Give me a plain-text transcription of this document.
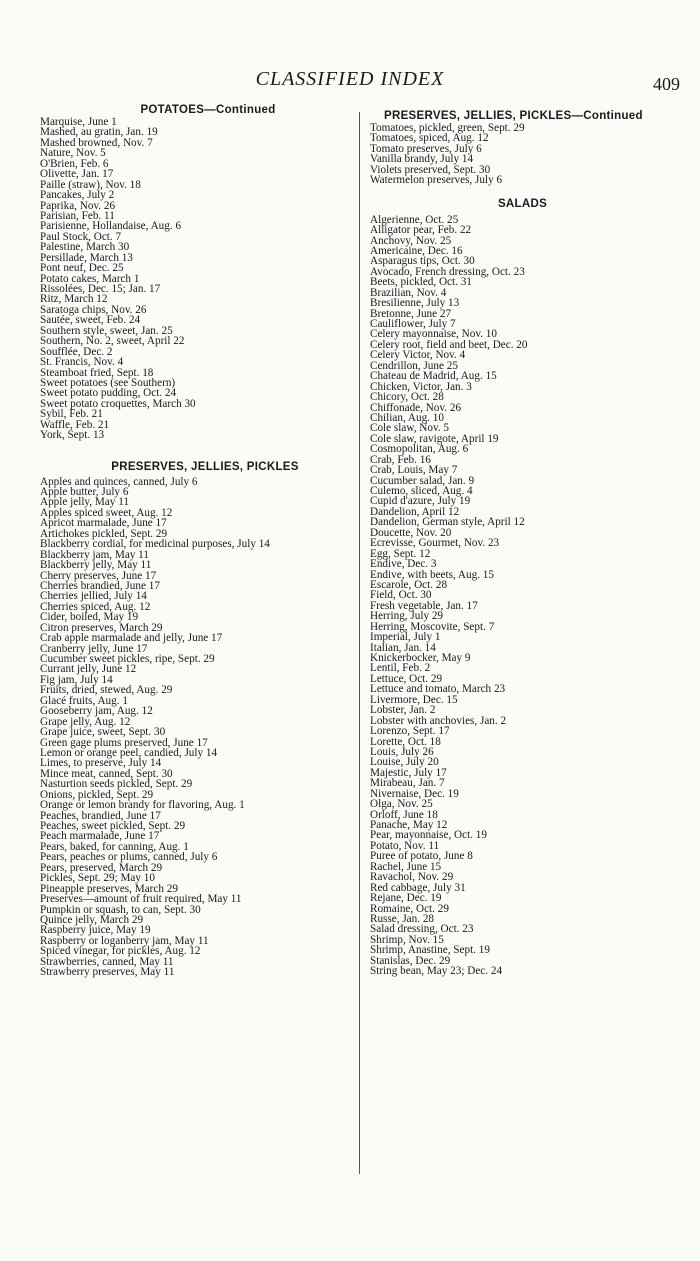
CLASSIFIED INDEX	409
POTATOES—Continued
Marquise, June 1
Mashed, au gratin, Jan. 19
Mashed browned, Nov. 7
Nature, Nov. 5
O'Brien, Feb. 6
Olivette, Jan. 17
Paille (straw), Nov. 18
Pancakes, July 2
Paprika, Nov. 26
Parisian, Feb. 11
Parisienne, Hollandaise, Aug. 6
Paul Stock, Oct. 7
Palestine, March 30
Persillade, March 13
Pont neuf, Dec. 25
Potato cakes, March 1
Rissolées, Dec. 15; Jan. 17
Ritz, March 12
Saratoga chips, Nov. 26
Sautée, sweet, Feb. 24
Southern style, sweet, Jan. 25
Southern, No. 2, sweet, April 22
Soufflée, Dec. 2
St. Francis, Nov. 4
Steamboat fried, Sept. 18
Sweet potatoes (see Southern)
Sweet potato pudding, Oct. 24
Sweet potato croquettes, March 30
Sybil, Feb. 21
Waffle, Feb. 21
York, Sept. 13
PRESERVES, JELLIES, PICKLES
Apples and quinces, canned, July 6
Apple butter, July 6
Apple jelly, May 11
Apples spiced sweet, Aug. 12
Apricot marmalade, June 17
Artichokes pickled, Sept. 29
Blackberry cordial, for medicinal purposes, July 14
Blackberry jam, May 11
Blackberry jelly, May 11
Cherry preserves, June 17
Cherries brandied, June 17
Cherries jellied, July 14
Cherries spiced, Aug. 12
Cider, boiled, May 19
Citron preserves, March 29
Crab apple marmalade and jelly, June 17
Cranberry jelly, June 17
Cucumber sweet pickles, ripe, Sept. 29
Currant jelly, June 12
Fig jam, July 14
Fruits, dried, stewed, Aug. 29
Glacé fruits, Aug. 1
Gooseberry jam, Aug. 12
Grape jelly, Aug. 12
Grape juice, sweet, Sept. 30
Green gage plums preserved, June 17
Lemon or orange peel, candied, July 14
Limes, to preserve, July 14
Mince meat, canned, Sept. 30
Nasturtion seeds pickled, Sept. 29
Onions, pickled, Sept. 29
Orange or lemon brandy for flavoring, Aug. 1
Peaches, brandied, June 17
Peaches, sweet pickled, Sept. 29
Peach marmalade, June 17
Pears, baked, for canning, Aug. 1
Pears, peaches or plums, canned, July 6
Pears, preserved, March 29
Pickles, Sept. 29; May 10
Pineapple preserves, March 29
Preserves—amount of fruit required, May 11
Pumpkin or squash, to can, Sept. 30
Quince jelly, March 29
Raspberry juice, May 19
Raspberry or loganberry jam, May 11
Spiced vinegar, for pickles, Aug. 12
Strawberries, canned, May 11
Strawberry preserves, May 11
PRESERVES, JELLIES, PICKLES—Continued
Tomatoes, pickled, green, Sept. 29
Tomatoes, spiced, Aug. 12
Tomato preserves, July 6
Vanilla brandy, July 14
Violets preserved, Sept. 30
Watermelon preserves, July 6
SALADS
Algerienne, Oct. 25
Alligator pear, Feb. 22
Anchovy, Nov. 25
Americaine, Dec. 16
Asparagus tips, Oct. 30
Avocado, French dressing, Oct. 23
Beets, pickled, Oct. 31
Brazilian, Nov. 4
Bresilienne, July 13
Bretonne, June 27
Cauliflower, July 7
Celery mayonnaise, Nov. 10
Celery root, field and beet, Dec. 20
Celery Victor, Nov. 4
Cendrillon, June 25
Chateau de Madrid, Aug. 15
Chicken, Victor, Jan. 3
Chicory, Oct. 28
Chiffonade, Nov. 26
Chilian, Aug. 10
Cole slaw, Nov. 5
Cole slaw, ravigote, April 19
Cosmopolitan, Aug. 6
Crab, Feb. 16
Crab, Louis, May 7
Cucumber salad, Jan. 9
Culemo, sliced, Aug. 4
Cupid d'azure, July 19
Dandelion, April 12
Dandelion, German style, April 12
Doucette, Nov. 20
Ecrevisse, Gourmet, Nov. 23
Egg, Sept. 12
Endive, Dec. 3
Endive, with beets, Aug. 15
Escarole, Oct. 28
Field, Oct. 30
Fresh vegetable, Jan. 17
Herring, July 29
Herring, Moscovite, Sept. 7
Imperial, July 1
Italian, Jan. 14
Knickerbocker, May 9
Lentil, Feb. 2
Lettuce, Oct. 29
Lettuce and tomato, March 23
Livermore, Dec. 15
Lobster, Jan. 2
Lobster with anchovies, Jan. 2
Lorenzo, Sept. 17
Lorette, Oct. 18
Louis, July 26
Louise, July 20
Majestic, July 17
Mirabeau, Jan. 7
Nivernaise, Dec. 19
Olga, Nov. 25
Orloff, June 18
Panache, May 12
Pear, mayonnaise, Oct. 19
Potato, Nov. 11
Puree of potato, June 8
Rachel, June 15
Ravachol, Nov. 29
Red cabbage, July 31
Rejane, Dec. 19
Romaine, Oct. 29
Russe, Jan. 28
Salad dressing, Oct. 23
Shrimp, Nov. 15
Shrimp, Anastine, Sept. 19
Stanislas, Dec. 29
String bean, May 23; Dec. 24
